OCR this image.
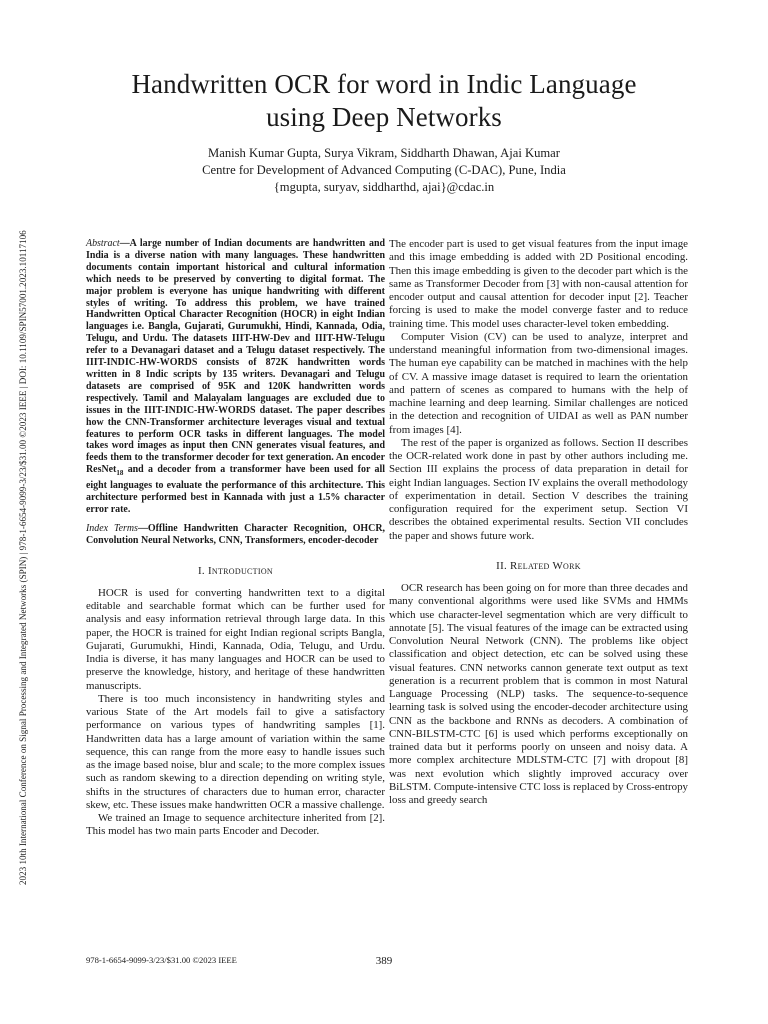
2023 10th International Conference on Signal Processing and Integrated Networks (SPIN) | 978-1-6654-9099-3/23/$31.00 ©2023 IEEE | DOI: 10.1109/SPIN57001.2023.10117106
Handwritten OCR for word in Indic Language
using Deep Networks
Manish Kumar Gupta, Surya Vikram, Siddharth Dhawan, Ajai Kumar
Centre for Development of Advanced Computing (C-DAC), Pune, India
{mgupta, suryav, siddharthd, ajai}@cdac.in

Abstract—A large number of Indian documents are handwritten and India is a diverse nation with many languages. These handwritten documents contain important historical and cultural information which needs to be preserved by converting to digital format. The major problem is everyone has unique handwriting with different styles of writing. To address this problem, we have trained Handwritten Optical Character Recognition (HOCR) in eight Indian languages i.e. Bangla, Gujarati, Gurumukhi, Hindi, Kannada, Odia, Telugu, and Urdu. The datasets IIIT-HW-Dev and IIIT-HW-Telugu refer to a Devanagari dataset and a Telugu dataset respectively. The IIIT-INDIC-HW-WORDS consists of 872K handwritten words written in 8 Indic scripts by 135 writers. Devanagari and Telugu datasets are comprised of 95K and 120K handwritten words respectively. Tamil and Malayalam languages are excluded due to issues in the IIIT-INDIC-HW-WORDS dataset. The paper describes how the CNN-Transformer architecture leverages visual and textual features to perform OCR tasks in different languages. The model takes word images as input then CNN generates visual features, and feeds them to the transformer decoder for text generation. An encoder ResNet$_{18}$ and a decoder from a transformer have been used for all eight languages to evaluate the performance of this architecture. This architecture performed best in Kannada with just a 1.5% character error rate.

Index Terms—Offline Handwritten Character Recognition, OHCR, Convolution Neural Networks, CNN, Transformers, encoder-decoder

I. Introduction

HOCR is used for converting handwritten text to a digital editable and searchable format which can be further used for analysis and easy information retrieval through large data. In this paper, the HOCR is trained for eight Indian regional scripts Bangla, Gujarati, Gurumukhi, Hindi, Kannada, Odia, Telugu, and Urdu. India is diverse, it has many languages and HOCR can be used to preserve the knowledge, history, and heritage of these handwritten manuscripts.

There is too much inconsistency in handwriting styles and various State of the Art models fail to give a satisfactory performance on various types of handwriting samples [1]. Handwritten data has a large amount of variation within the same sequence, this can range from the more easy to handle issues such as the image based noise, blur and scale; to the more complex issues such as random skewing to a direction depending on writing style, shifts in the structures of characters due to human error, character skew, etc. These issues make handwritten OCR a massive challenge.

We trained an Image to sequence architecture inherited from [2]. This model has two main parts Encoder and Decoder.

The encoder part is used to get visual features from the input image and this image embedding is added with 2D Positional encoding. Then this image embedding is given to the decoder part which is the same as Transformer Decoder from [3] with non-causal attention for encoder output and causal attention for decoder input [2]. Teacher forcing is used to make the model converge faster and to reduce training time. This model uses character-level token embedding.

Computer Vision (CV) can be used to analyze, interpret and understand meaningful information from two-dimensional images. The human eye capability can be matched in machines with the help of CV. A massive image dataset is required to learn the orientation and pattern of scenes as compared to humans with the help of machine learning and deep learning. Similar challenges are noticed in the detection and recognition of UIDAI as well as PAN number from images [4].

The rest of the paper is organized as follows. Section II describes the OCR-related work done in past by other authors including me. Section III explains the process of data preparation in detail for eight Indian languages. Section IV explains the overall methodology of experimentation in detail. Section V describes the training configuration required for the experiment setup. Section VI describes the obtained experimental results. Section VII concludes the paper and shows future work.

II. Related Work

OCR research has been going on for more than three decades and many conventional algorithms were used like SVMs and HMMs which use character-level segmentation which are very difficult to annotate [5]. The visual features of the image can be extracted using Convolution Neural Network (CNN). The problems like object classification and object detection, etc can be solved using these visual features. CNN networks cannon generate text output as text generation is a recurrent problem that is common in most Natural Language Processing (NLP) tasks. The sequence-to-sequence learning task is solved using the encoder-decoder architecture using CNN as the backbone and RNNs as decoders. A combination of CNN-BILSTM-CTC [6] is used which performs exceptionally on trained data but it performs poorly on unseen and noisy data. A more complex architecture MDLSTM-CTC [7] with dropout [8] was next evolution which slightly improved accuracy over BiLSTM. Compute-intensive CTC loss is replaced by Cross-entropy loss and greedy search

978-1-6654-9099-3/23/$31.00 ©2023 IEEE	389
